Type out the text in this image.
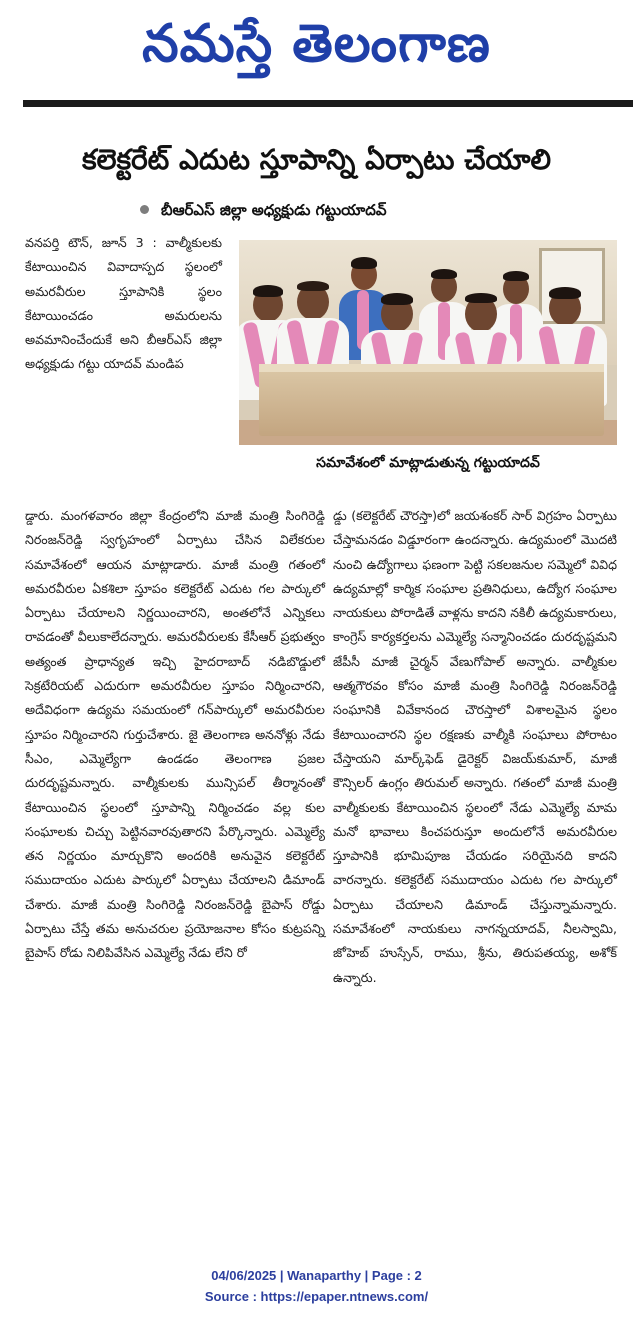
నమస్తే తెలంగాణ
కలెక్టరేట్ ఎదుట స్తూపాన్ని ఏర్పాటు చేయాలి
బీఆర్ఎస్ జిల్లా అధ్యక్షుడు గట్టుయాదవ్

వనపర్తి టౌన్, జూన్ 3 : వాల్మీకులకు కేటాయించిన వివాదాస్పద స్థలంలో అమరవీరుల స్తూపానికి స్థలం కేటాయించడం అమరులను అవమానించేందుకే అని బీఆర్ఎస్ జిల్లా అధ్యక్షుడు గట్టు యాదవ్ మండిప

సమావేశంలో మాట్లాడుతున్న గట్టుయాదవ్

డ్డారు. మంగళవారం జిల్లా కేంద్రంలోని మాజీ మంత్రి సింగిరెడ్డి నిరంజన్‌రెడ్డి స్వగృహంలో ఏర్పాటు చేసిన విలేకరుల సమావేశంలో ఆయన మాట్లాడారు. మాజీ మంత్రి గతంలో అమరవీరుల ఏకశిలా స్తూపం కలెక్టరేట్ ఎదుట గల పార్కులో ఏర్పాటు చేయాలని నిర్ణయించారని, అంతలోనే ఎన్నికలు రావడంతో వీలుకాలేదన్నారు. అమరవీరులకు కేసీఆర్ ప్రభుత్వం అత్యంత ప్రాధాన్యత ఇచ్చి హైదరాబాద్ నడిబొడ్డులో సెక్రటేరియట్ ఎదురుగా అమరవీరుల స్తూపం నిర్మించారని, అదేవిధంగా ఉద్యమ సమయంలో గన్‌పార్కులో అమరవీరుల స్తూపం నిర్మించారని గుర్తుచేశారు. జై తెలంగాణ అననోళ్లు నేడు సీఎం, ఎమ్మెల్యేగా ఉండడం తెలంగాణ ప్రజల దురదృష్టమన్నారు. వాల్మీకులకు మున్సిపల్ తీర్మానంతో కేటాయించిన స్థలంలో స్తూపాన్ని నిర్మించడం వల్ల కుల సంఘాలకు చిచ్చు పెట్టినవారవుతారని పేర్కొన్నారు. ఎమ్మెల్యే తన నిర్ణయం మార్చుకొని అందరికి అనువైన కలెక్టరేట్ సముదాయం ఎదుట పార్కులో ఏర్పాటు చేయాలని డిమాండ్ చేశారు. మాజీ మంత్రి సింగిరెడ్డి నిరంజన్‌రెడ్డి బైపాస్ రోడ్డు ఏర్పాటు చేస్తే తమ అనుచరుల ప్రయోజనాల కోసం కుట్రపన్ని బైపాస్ రోడు నిలిపివేసిన ఎమ్మెల్యే నేడు లేని రో

డ్డు (కలెక్టరేట్ చౌరస్తా)లో జయశంకర్ సార్ విగ్రహం ఏర్పాటు చేస్తామనడం విడ్డూరంగా ఉందన్నారు. ఉద్యమంలో మొదటి నుంచి ఉద్యోగాలు ఫణంగా పెట్టి సకలజనుల సమ్మెలో వివిధ ఉద్యమాల్లో కార్మిక సంఘాల ప్రతినిధులు, ఉద్యోగ సంఘాల నాయకులు పోరాడితే వాళ్లను కాదని నకిలీ ఉద్యమకారులు, కాంగ్రెస్ కార్యకర్తలను ఎమ్మెల్యే సన్మానించడం దురదృష్టమని జేపీసీ మాజీ చైర్మన్ వేణుగోపాల్ అన్నారు. వాల్మీకుల ఆత్మగౌరవం కోసం మాజీ మంత్రి సింగిరెడ్డి నిరంజన్‌రెడ్డి సంఘానికి వివేకానంద చౌరస్తాలో విశాలమైన స్థలం కేటాయించారని స్థల రక్షణకు వాల్మీకి సంఘాలు పోరాటం చేస్తాయని మార్క్‌ఫెడ్ డైరెక్టర్ విజయ్‌కుమార్, మాజీ కౌన్సిలర్ ఉంగ్లం తిరుమల్ అన్నారు. గతంలో మాజీ మంత్రి వాల్మీకులకు కేటాయించిన స్థలంలో నేడు ఎమ్మెల్యే మామ మనో భావాలు కించపరుస్తూ అందులోనే అమరవీరుల స్తూపానికి భూమిపూజ చేయడం సరియైనది కాదని వారన్నారు. కలెక్టరేట్ సముదాయం ఎదుట గల పార్కులో ఏర్పాటు చేయాలని డిమాండ్ చేస్తున్నామన్నారు. సమావేశంలో నాయకులు నాగన్నయాదవ్, నీలస్వామి, జోహెబ్ హుస్సేన్, రాము, శ్రీను, తిరుపతయ్య, అశోక్ ఉన్నారు.

04/06/2025 | Wanaparthy | Page : 2
Source : https://epaper.ntnews.com/
